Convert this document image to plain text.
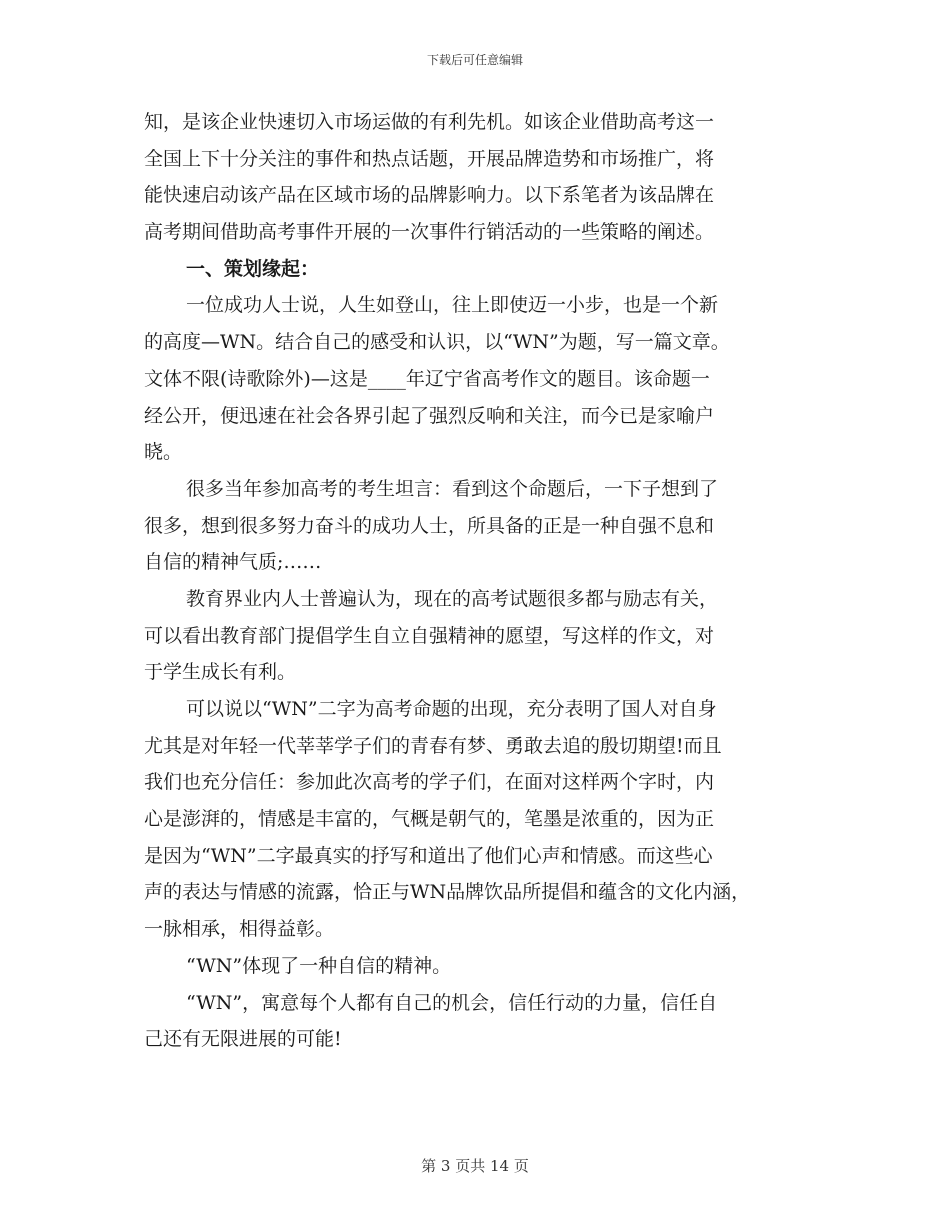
下载后可任意编辑
知，是该企业快速切入市场运做的有利先机。如该企业借助高考这一
全国上下十分关注的事件和热点话题，开展品牌造势和市场推广，将
能快速启动该产品在区域市场的品牌影响力。以下系笔者为该品牌在
高考期间借助高考事件开展的一次事件行销活动的一些策略的阐述。
一、策划缘起：
一位成功人士说，人生如登山，往上即使迈一小步，也是一个新
的高度—WN。结合自己的感受和认识，以“WN”为题，写一篇文章。
文体不限(诗歌除外)—这是____年辽宁省高考作文的题目。该命题一
经公开，便迅速在社会各界引起了强烈反响和关注，而今已是家喻户
晓。
很多当年参加高考的考生坦言：看到这个命题后，一下子想到了
很多，想到很多努力奋斗的成功人士，所具备的正是一种自强不息和
自信的精神气质;……
教育界业内人士普遍认为，现在的高考试题很多都与励志有关，
可以看出教育部门提倡学生自立自强精神的愿望，写这样的作文，对
于学生成长有利。
可以说以“WN”二字为高考命题的出现，充分表明了国人对自身
尤其是对年轻一代莘莘学子们的青春有梦、勇敢去追的殷切期望!而且
我们也充分信任：参加此次高考的学子们，在面对这样两个字时，内
心是澎湃的，情感是丰富的，气概是朝气的，笔墨是浓重的，因为正
是因为“WN”二字最真实的抒写和道出了他们心声和情感。而这些心
声的表达与情感的流露，恰正与WN品牌饮品所提倡和蕴含的文化内涵，
一脉相承，相得益彰。
“WN”体现了一种自信的精神。
“WN”，寓意每个人都有自己的机会，信任行动的力量，信任自
己还有无限进展的可能!
第 3 页共 14 页
